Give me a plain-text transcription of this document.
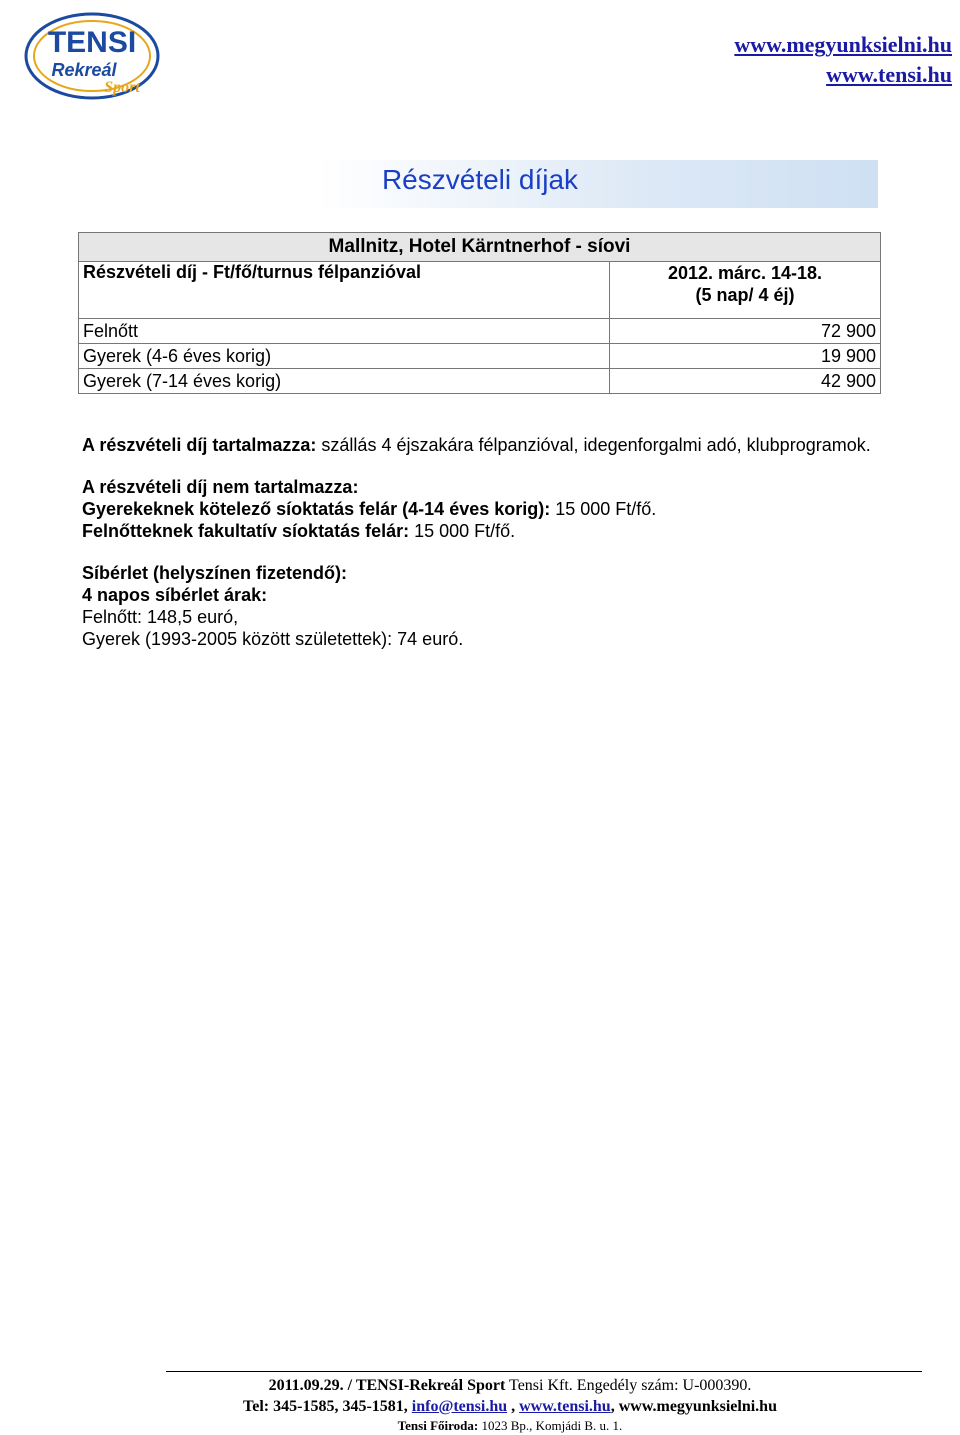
TENSI
Rekreál
Sport
www.megyunksielni.hu
www.tensi.hu
Részvételi díjak
Mallnitz, Hotel Kärntnerhof - síovi	
Részvételi díj - Ft/fő/turnus félpanzióval	2012. márc. 14-18.
(5 nap/ 4 éj)

Felnőtt	72 900
Gyerek (4-6 éves korig)	19 900
Gyerek (7-14 éves korig)	42 900

A részvételi díj tartalmazza: szállás 4 éjszakára félpanzióval, idegenforgalmi adó, klubprogramok.

A részvételi díj nem tartalmazza:
Gyerekeknek kötelező síoktatás felár (4-14 éves korig): 15 000 Ft/fő.
Felnőtteknek fakultatív síoktatás felár: 15 000 Ft/fő.

Síbérlet (helyszínen fizetendő):
4 napos síbérlet árak:
Felnőtt: 148,5 euró,
Gyerek (1993-2005 között születettek): 74 euró.

2011.09.29. / TENSI-Rekreál Sport Tensi Kft. Engedély szám: U-000390.
Tel: 345-1585, 345-1581, info@tensi.hu , www.tensi.hu, www.megyunksielni.hu
Tensi Főiroda: 1023 Bp., Komjádi B. u. 1.
